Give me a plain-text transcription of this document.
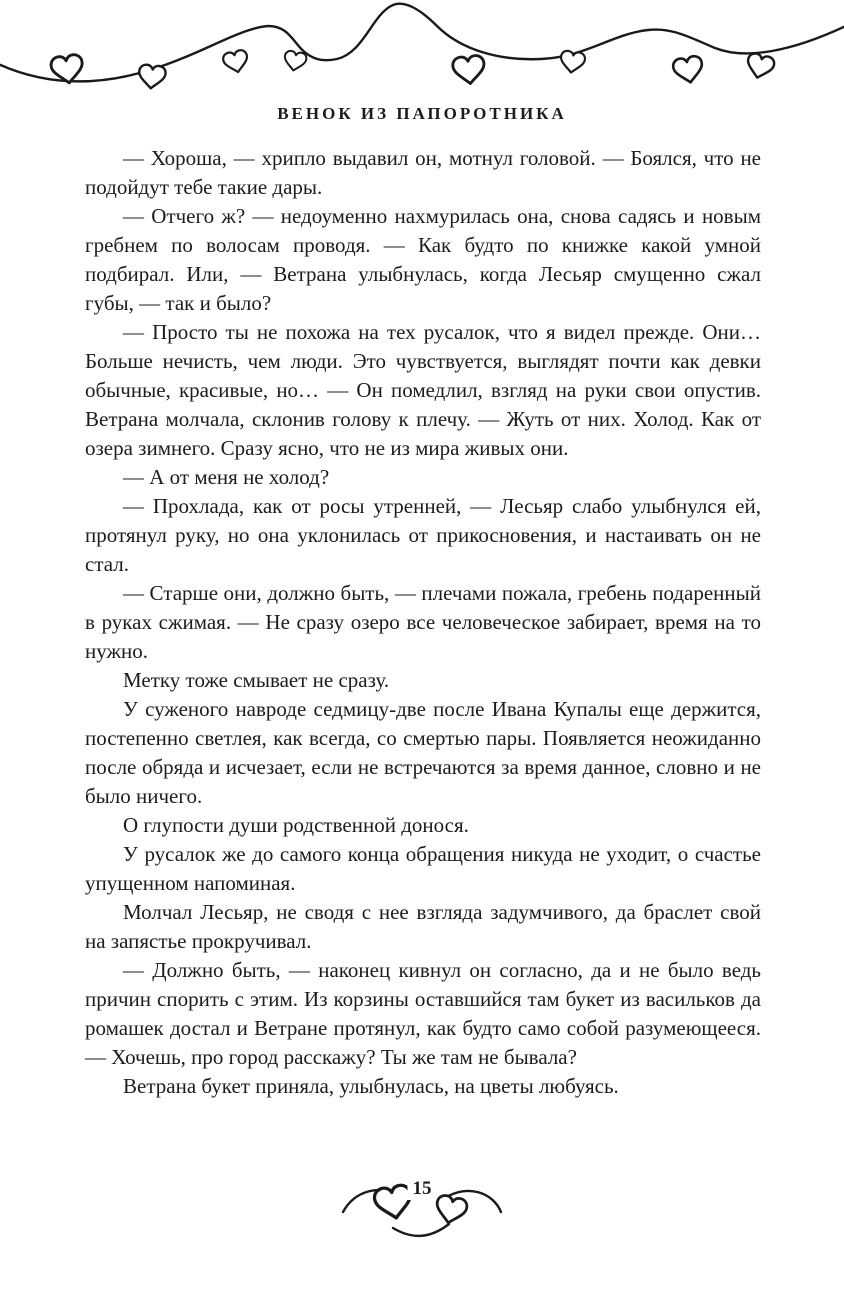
ВЕНОК ИЗ ПАПОРОТНИКА

— Хороша, — хрипло выдавил он, мотнул головой. — Боялся, что не подойдут тебе такие дары.

— Отчего ж? — недоуменно нахмурилась она, снова садясь и новым гребнем по волосам проводя. — Как будто по книжке какой умной подбирал. Или, — Ветрана улыбнулась, когда Лесьяр смущенно сжал губы, — так и было?

— Просто ты не похожа на тех русалок, что я видел прежде. Они… Больше нечисть, чем люди. Это чувствуется, выглядят почти как девки обычные, красивые, но… — Он помедлил, взгляд на руки свои опустив. Ветрана молчала, склонив голову к плечу. — Жуть от них. Холод. Как от озера зимнего. Сразу ясно, что не из мира живых они.

— А от меня не холод?

— Прохлада, как от росы утренней, — Лесьяр слабо улыбнулся ей, протянул руку, но она уклонилась от прикосновения, и настаивать он не стал.

— Старше они, должно быть, — плечами пожала, гребень подаренный в руках сжимая. — Не сразу озеро все человеческое забирает, время на то нужно.

Метку тоже смывает не сразу.

У суженого навроде седмицу-две после Ивана Купалы еще держится, постепенно светлея, как всегда, со смертью пары. Появляется неожиданно после обряда и исчезает, если не встречаются за время данное, словно и не было ничего.

О глупости души родственной донося.

У русалок же до самого конца обращения никуда не уходит, о счастье упущенном напоминая.

Молчал Лесьяр, не сводя с нее взгляда задумчивого, да браслет свой на запястье прокручивал.

— Должно быть, — наконец кивнул он согласно, да и не было ведь причин спорить с этим. Из корзины оставшийся там букет из васильков да ромашек достал и Ветране протянул, как будто само собой разумеющееся. — Хочешь, про город расскажу? Ты же там не бывала?

Ветрана букет приняла, улыбнулась, на цветы любуясь.

15
